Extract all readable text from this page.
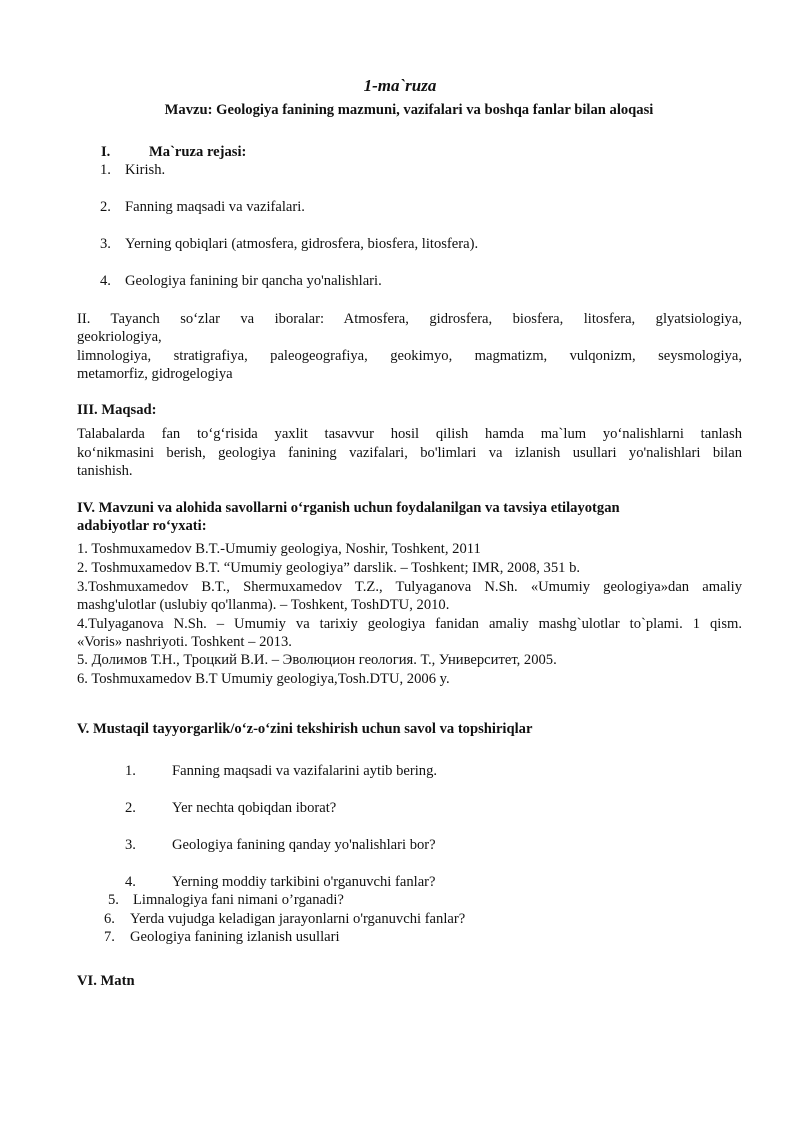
1-ma`ruza
Mavzu: Geologiya fanining mazmuni, vazifalari va boshqa fanlar bilan aloqasi
I.	Ma`ruza rejasi:
1. Kirish.
2. Fanning maqsadi va vazifalari.
3. Yerning qobiqlari (atmosfera, gidrosfera, biosfera, litosfera).
4. Geologiya fanining bir qancha yo'nalishlari.
II. Tayanch so‘zlar va iboralar: Atmosfera, gidrosfera, biosfera, litosfera, glyatsiologiya,
geokriologiya,
limnologiya, stratigrafiya, paleogeografiya, geokimyo, magmatizm, vulqonizm, seysmologiya,
metamorfiz, gidrogelogiya
III. Maqsad:
Talabalarda fan to‘g‘risida yaxlit tasavvur hosil qilish hamda ma`lum yo‘nalishlarni tanlash
ko‘nikmasini berish, geologiya fanining vazifalari, bo'limlari va izlanish usullari yo'nalishlari bilan
tanishish.
IV. Mavzuni va alohida savollarni o‘rganish uchun foydalanilgan va tavsiya etilayotgan
adabiyotlar ro‘yxati:
1. Toshmuxamedov B.T.-Umumiy geologiya, Noshir, Toshkent, 2011
2. Toshmuxamedov B.T. “Umumiy geologiya” darslik. – Toshkent; IMR, 2008, 351 b.
3.Toshmuxamedov B.T., Shermuxamedov T.Z., Tulyaganova N.Sh. «Umumiy geologiya»dan amaliy
mashg'ulotlar (uslubiy qo'llanma). – Toshkent, ToshDTU, 2010.
4.Tulyaganova N.Sh. – Umumiy va tarixiy geologiya fanidan amaliy mashg`ulotlar to`plami. 1 qism.
«Voris» nashriyoti. Toshkent – 2013.
5. Долимов Т.Н., Троцкий В.И. – Эволюцион геология. Т., Университет, 2005.
6. Toshmuxamedov B.T Umumiy geologiya,Tosh.DTU, 2006 y.
V. Mustaqil tayyorgarlik/o‘z-o‘zini tekshirish uchun savol va topshiriqlar
1. Fanning maqsadi va vazifalarini aytib bering.
2. Yer nechta qobiqdan iborat?
3. Geologiya fanining qanday yo'nalishlari bor?
4. Yerning moddiy tarkibini o'rganuvchi fanlar?
5. Limnalogiya fani nimani o’rganadi?
6. Yerda vujudga keladigan jarayonlarni o'rganuvchi fanlar?
7. Geologiya fanining izlanish usullari
VI. Matn
